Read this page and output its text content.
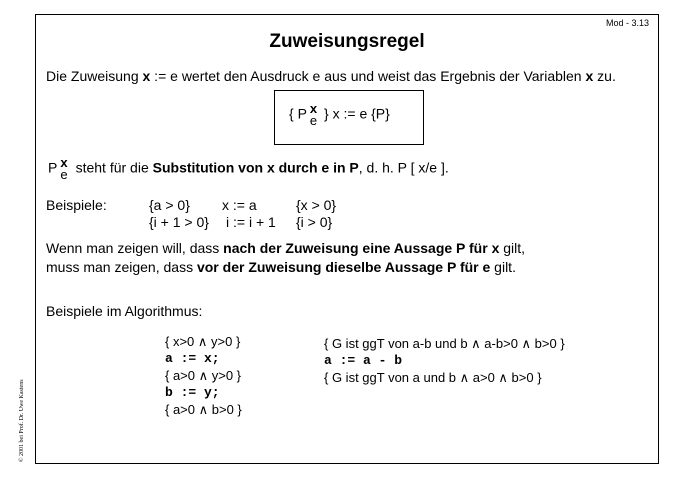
Mod - 3.13
Zuweisungsregel
Die Zuweisung x := e wertet den Ausdruck e aus und weist das Ergebnis der Variablen x zu.
{ P x
e } x := e {P}
P x
e steht für die Substitution von x durch e in P, d. h. P [ x/e ].
Beispiele:	{a > 0} x := a	{x > 0}
{i + 1 > 0} i := i + 1 {i > 0}
Wenn man zeigen will, dass nach der Zuweisung eine Aussage P für x gilt,
muss man zeigen, dass vor der Zuweisung dieselbe Aussage P für e gilt.
Beispiele im Algorithmus:
{ x>0 ∧ y>0 }
a := x;
{ a>0 ∧ y>0 }
b := y;
{ a>0 ∧ b>0 }
{ G ist ggT von a-b und b ∧ a-b>0 ∧ b>0 }
a := a - b
{ G ist ggT von a und b ∧ a>0 ∧ b>0 }
© 2001 bei Prof. Dr. Uwe Kastens
